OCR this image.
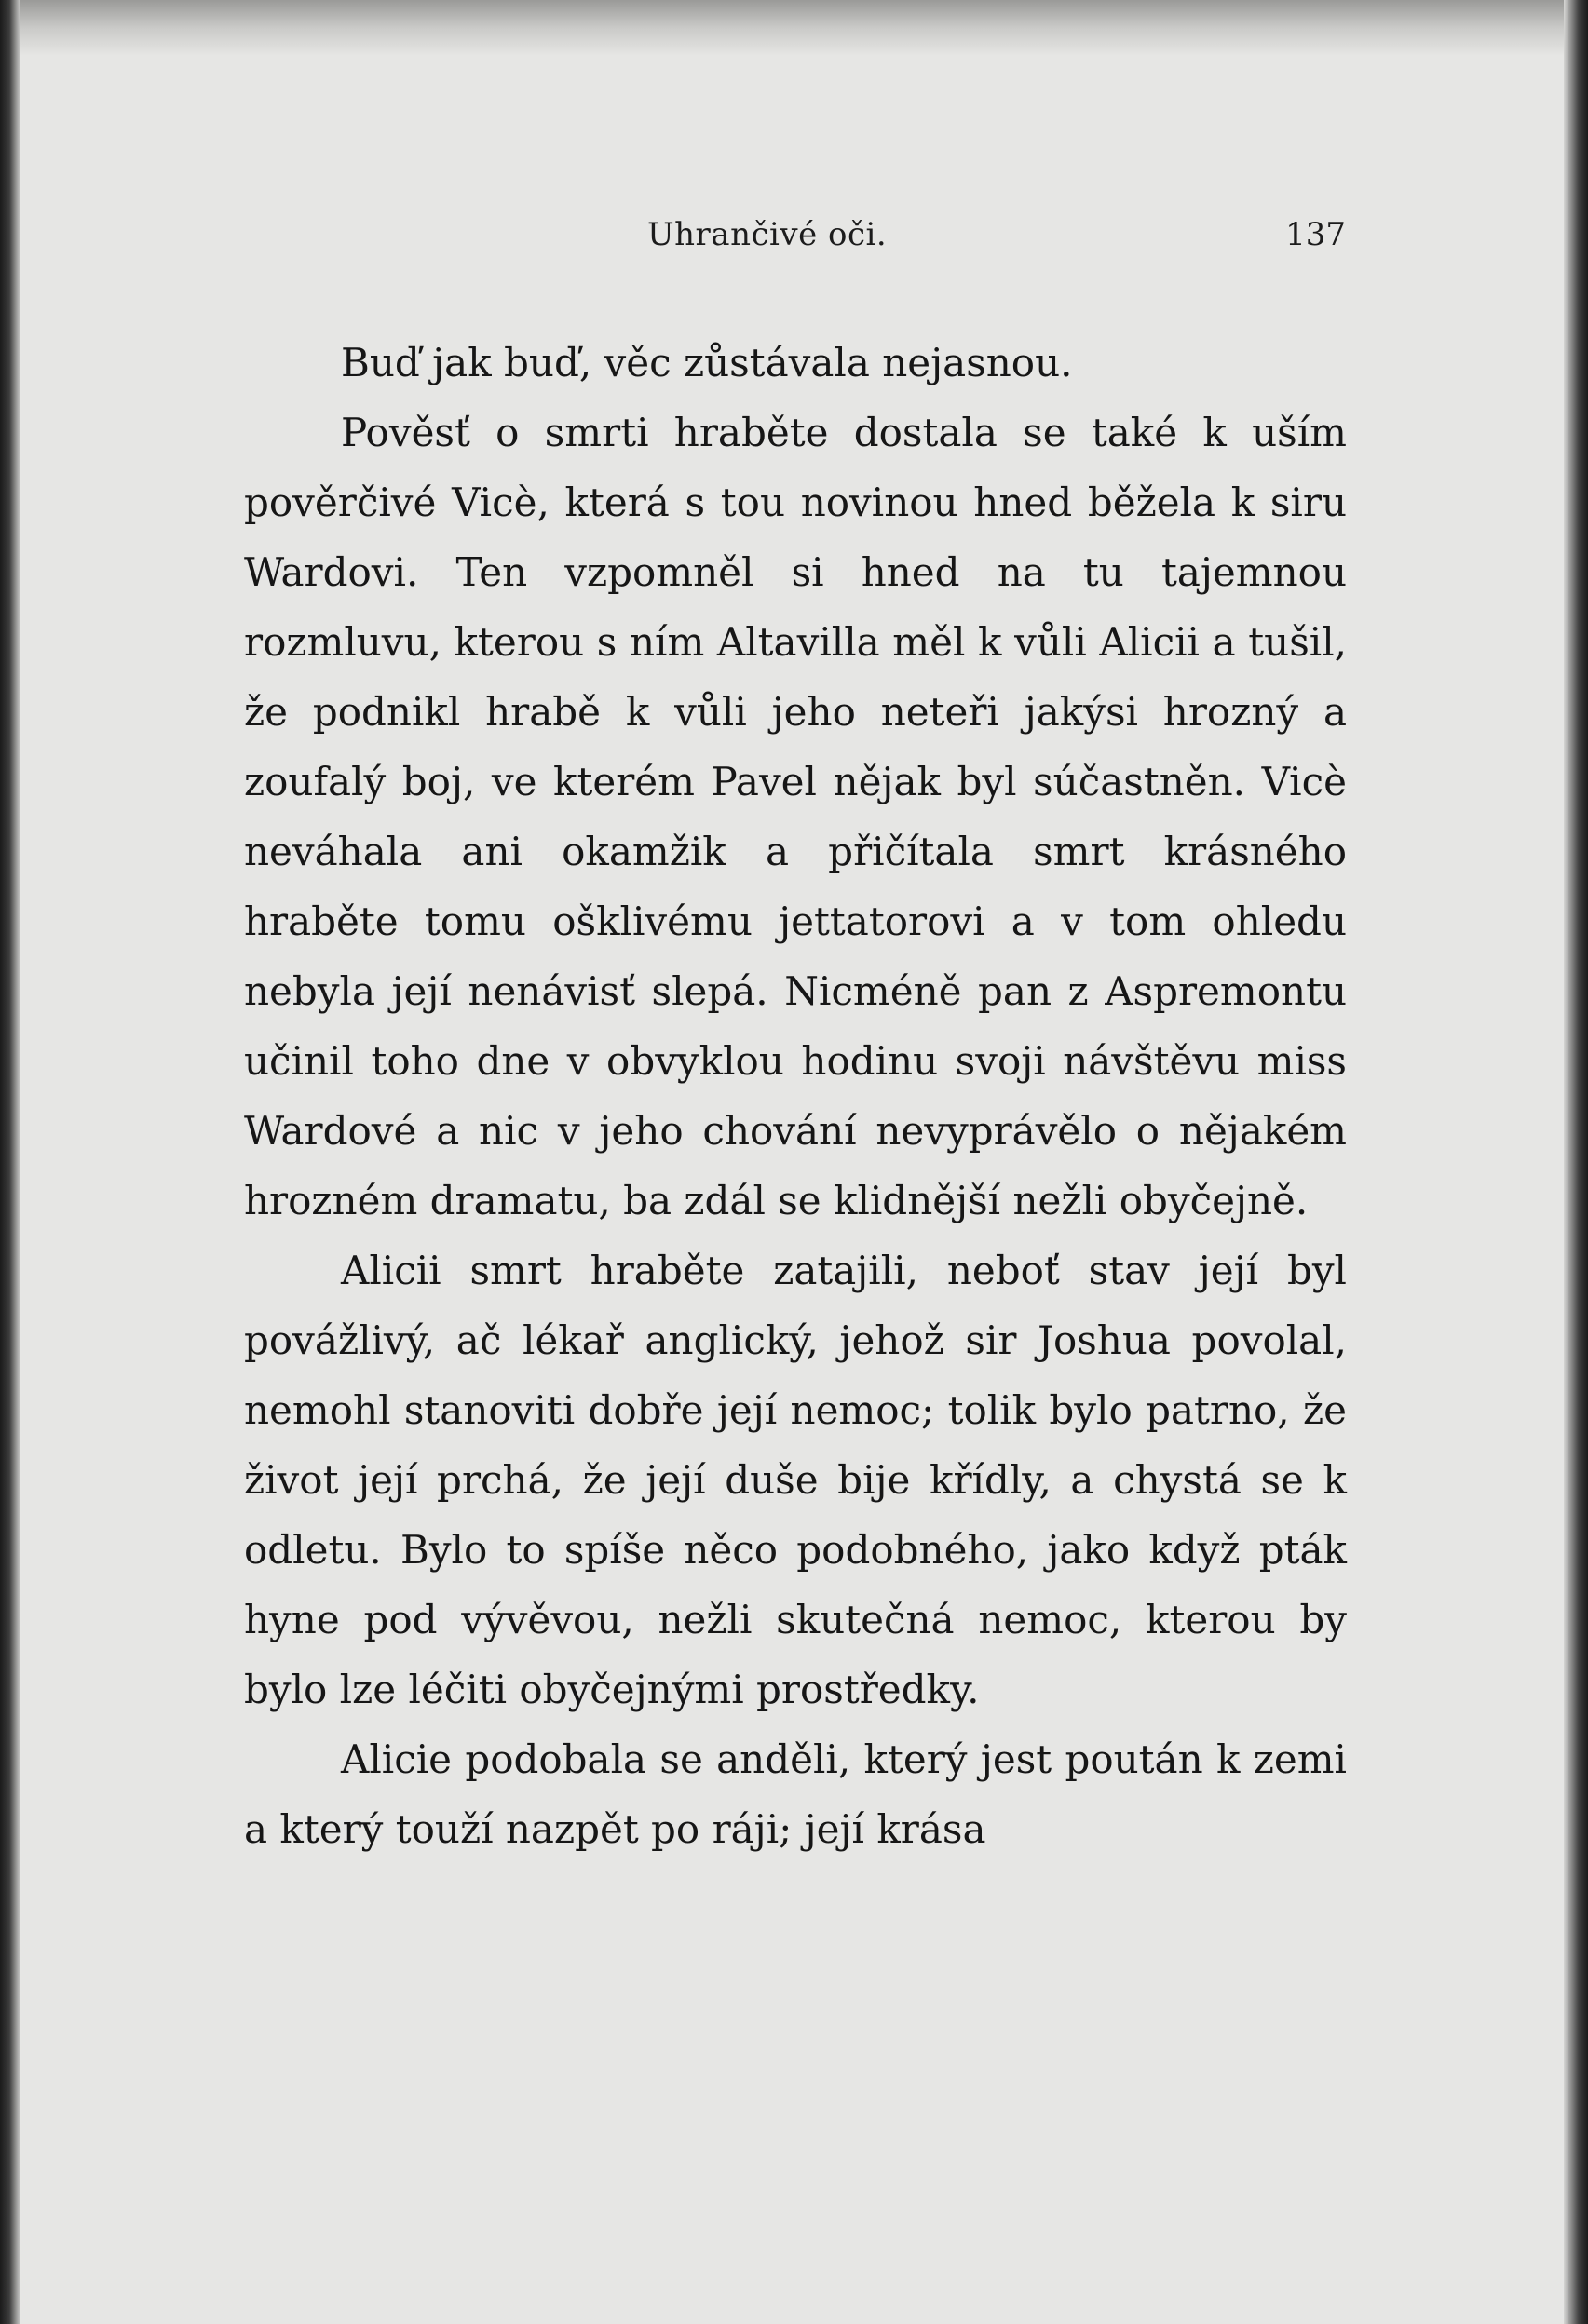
Uhrančivé oči.	137

Buď jak buď, věc zůstávala nejasnou.

Pověsť o smrti hraběte dostala se také k uším pověrčivé Vicè, která s tou novinou hned běžela k siru Wardovi. Ten vzpomněl si hned na tu tajemnou rozmluvu, kterou s ním Altavilla měl k vůli Alicii a tušil, že podnikl hrabě k vůli jeho neteři jakýsi hrozný a zoufalý boj, ve kterém Pavel nějak byl súčastněn. Vicè neváhala ani okamžik a přičítala smrt krásného hraběte tomu ošklivému jettatorovi a v tom ohledu nebyla její nenávisť slepá. Nicméně pan z Aspremontu učinil toho dne v obvyklou hodinu svoji návštěvu miss Wardové a nic v jeho chování nevyprávělo o nějakém hrozném dramatu, ba zdál se klidnější nežli obyčejně.

Alicii smrt hraběte zatajili, neboť stav její byl povážlivý, ač lékař anglický, jehož sir Joshua povolal, nemohl stanoviti dobře její nemoc; tolik bylo patrno, že život její prchá, že její duše bije křídly, a chystá se k odletu. Bylo to spíše něco podobného, jako když pták hyne pod vývěvou, nežli skutečná nemoc, kterou by bylo lze léčiti obyčejnými prostředky.

Alicie podobala se anděli, který jest poután k zemi a který touží nazpět po ráji; její krása
